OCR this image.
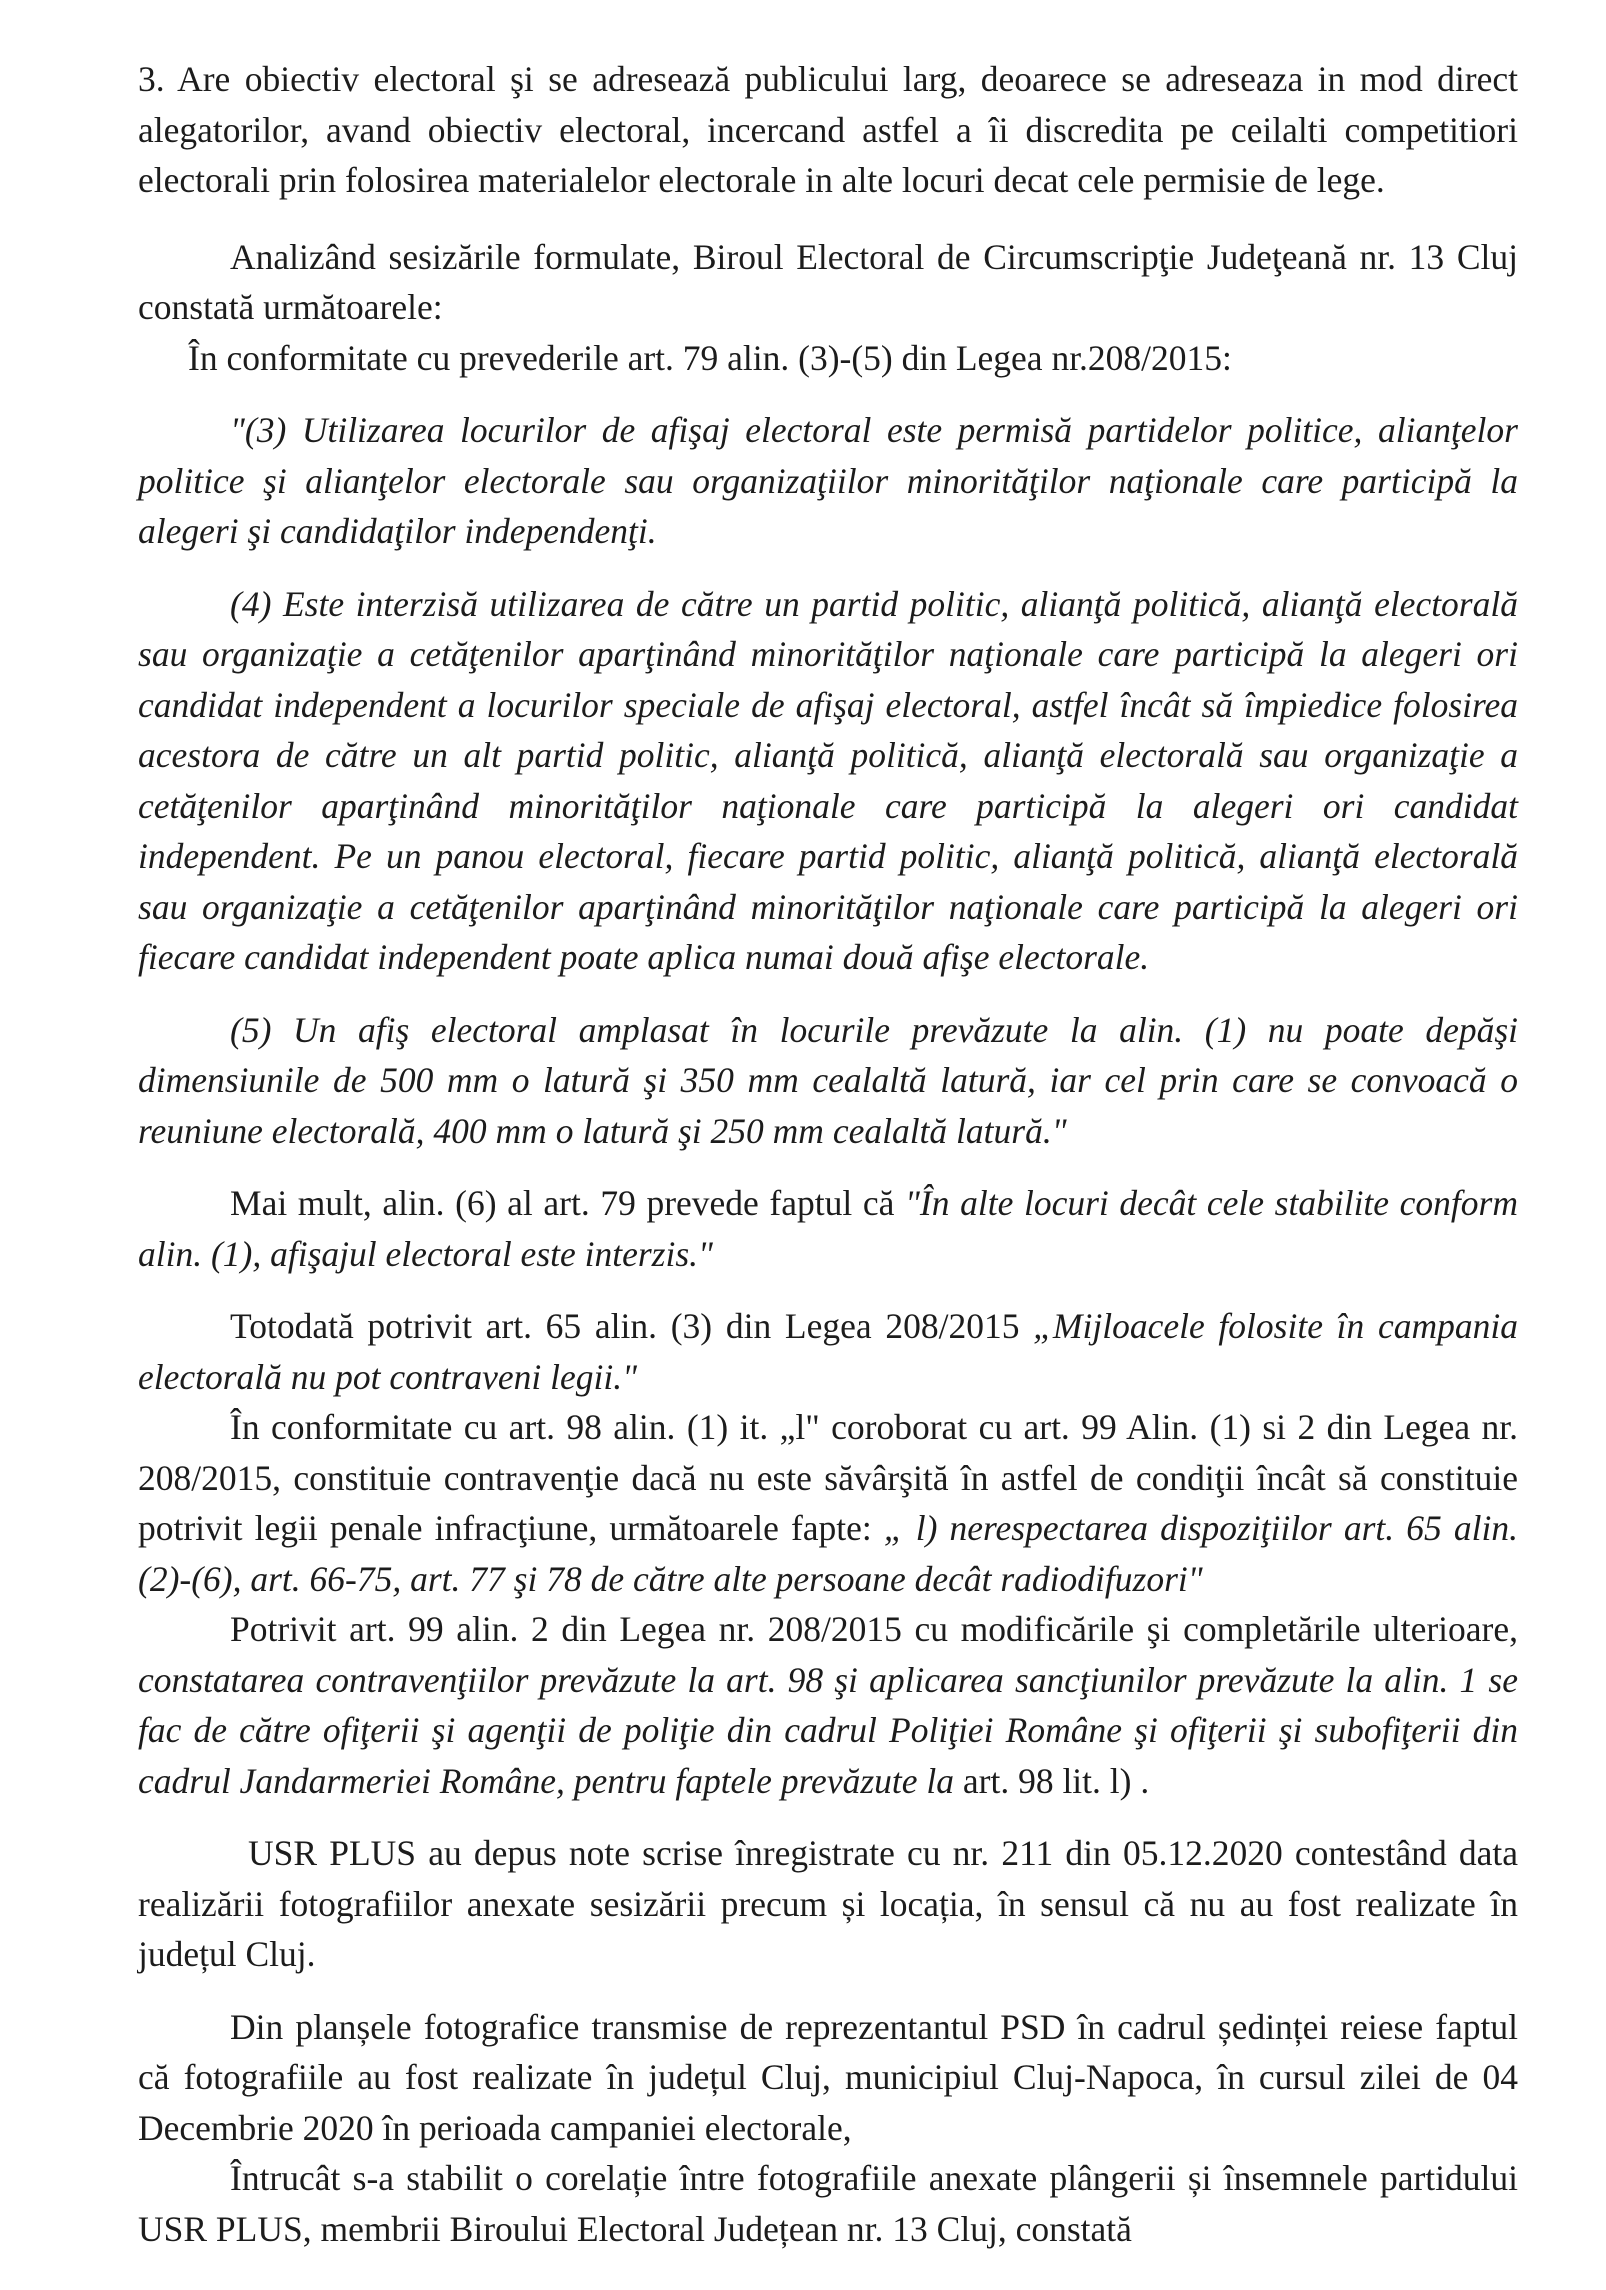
3. Are obiectiv electoral şi se adresează publicului larg, deoarece se adreseaza in mod direct alegatorilor, avand obiectiv electoral, incercand astfel a îi discredita pe ceilalti competitiori electorali prin folosirea materialelor electorale in alte locuri decat cele permisie de lege.

Analizând sesizările formulate, Biroul Electoral de Circumscripţie Judeţeană nr. 13 Cluj constată următoarele:

În conformitate cu prevederile art. 79 alin. (3)-(5) din Legea nr.208/2015:

"(3) Utilizarea locurilor de afişaj electoral este permisă partidelor politice, alianţelor politice şi alianţelor electorale sau organizaţiilor minorităţilor naţionale care participă la alegeri şi candidaţilor independenţi.

(4) Este interzisă utilizarea de către un partid politic, alianţă politică, alianţă electorală sau organizaţie a cetăţenilor aparţinând minorităţilor naţionale care participă la alegeri ori candidat independent a locurilor speciale de afişaj electoral, astfel încât să împiedice folosirea acestora de către un alt partid politic, alianţă politică, alianţă electorală sau organizaţie a cetăţenilor aparţinând minorităţilor naţionale care participă la alegeri ori candidat independent. Pe un panou electoral, fiecare partid politic, alianţă politică, alianţă electorală sau organizaţie a cetăţenilor aparţinând minorităţilor naţionale care participă la alegeri ori fiecare candidat independent poate aplica numai două afişe electorale.

(5) Un afiş electoral amplasat în locurile prevăzute la alin. (1) nu poate depăşi dimensiunile de 500 mm o latură şi 350 mm cealaltă latură, iar cel prin care se convoacă o reuniune electorală, 400 mm o latură şi 250 mm cealaltă latură."

Mai mult, alin. (6) al art. 79 prevede faptul că "În alte locuri decât cele stabilite conform alin. (1), afişajul electoral este interzis."

Totodată potrivit art. 65 alin. (3) din Legea 208/2015 „Mijloacele folosite în campania electorală nu pot contraveni legii."

În conformitate cu art. 98 alin. (1) it. „l" coroborat cu art. 99 Alin. (1) si 2 din Legea nr. 208/2015, constituie contravenţie dacă nu este săvârşită în astfel de condiţii încât să constituie potrivit legii penale infracţiune, următoarele fapte: „ l) nerespectarea dispoziţiilor art. 65 alin. (2)-(6), art. 66-75, art. 77 şi 78 de către alte persoane decât radiodifuzori"

Potrivit art. 99 alin. 2 din Legea nr. 208/2015 cu modificările şi completările ulterioare, constatarea contravenţiilor prevăzute la art. 98 şi aplicarea sancţiunilor prevăzute la alin. 1 se fac de către ofiţerii şi agenţii de poliţie din cadrul Poliţiei Române şi ofiţerii şi subofiţerii din cadrul Jandarmeriei Române, pentru faptele prevăzute la art. 98 lit. l) .

USR PLUS au depus note scrise înregistrate cu nr. 211 din 05.12.2020 contestând data realizării fotografiilor anexate sesizării precum și locația, în sensul că nu au fost realizate în județul Cluj.

Din planșele fotografice transmise de reprezentantul PSD în cadrul ședinței reiese faptul că fotografiile au fost realizate în județul Cluj, municipiul Cluj-Napoca, în cursul zilei de 04 Decembrie 2020 în perioada campaniei electorale,

Întrucât s-a stabilit o corelație între fotografiile anexate plângerii și însemnele partidului USR PLUS, membrii Biroului Electoral Județean nr. 13 Cluj, constată
